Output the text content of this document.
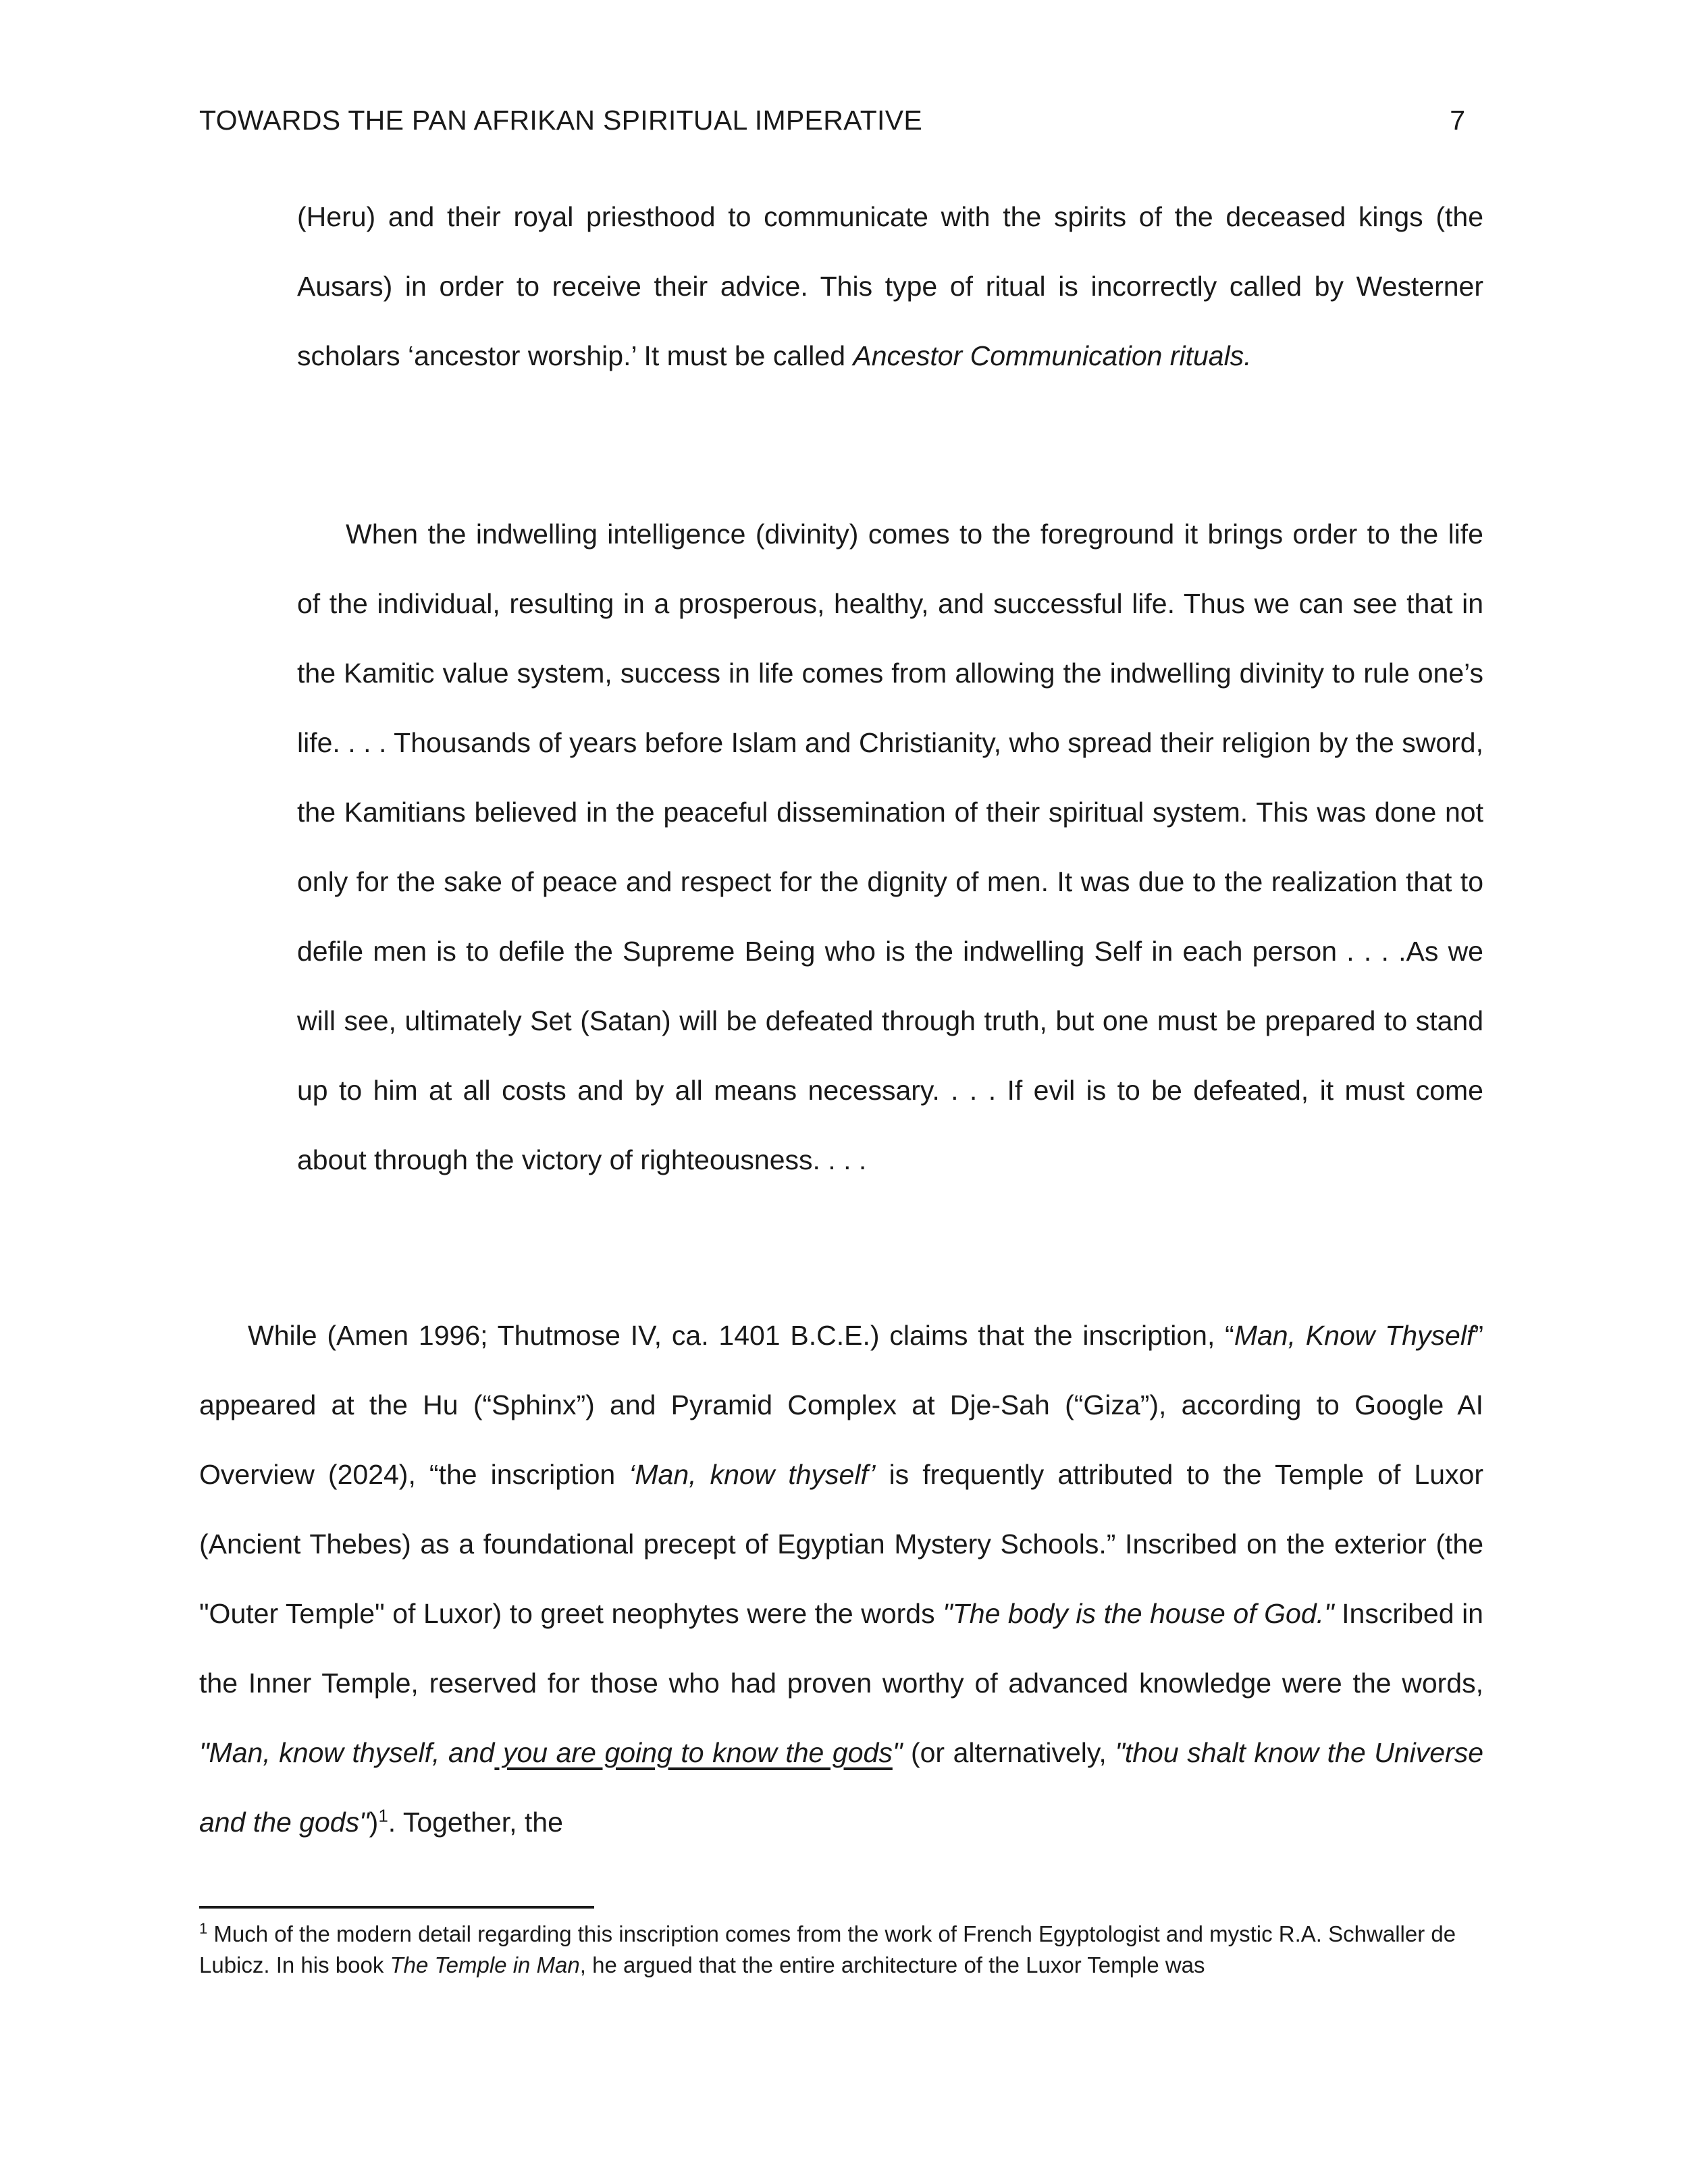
TOWARDS THE PAN AFRIKAN SPIRITUAL IMPERATIVE	7

(Heru) and their royal priesthood to communicate with the spirits of the deceased kings (the Ausars) in order to receive their advice. This type of ritual is incorrectly called by Westerner scholars ‘ancestor worship.’ It must be called Ancestor Communication rituals.

When the indwelling intelligence (divinity) comes to the foreground it brings order to the life of the individual, resulting in a prosperous, healthy, and successful life. Thus we can see that in the Kamitic value system, success in life comes from allowing the indwelling divinity to rule one’s life. . . . Thousands of years before Islam and Christianity, who spread their religion by the sword, the Kamitians believed in the peaceful dissemination of their spiritual system. This was done not only for the sake of peace and respect for the dignity of men. It was due to the realization that to defile men is to defile the Supreme Being who is the indwelling Self in each person . . . .As we will see, ultimately Set (Satan) will be defeated through truth, but one must be prepared to stand up to him at all costs and by all means necessary. . . . If evil is to be defeated, it must come about through the victory of righteousness. . . .

While (Amen 1996; Thutmose IV, ca. 1401 B.C.E.) claims that the inscription, “Man, Know Thyself” appeared at the Hu (“Sphinx”) and Pyramid Complex at Dje-Sah (“Giza”), according to Google AI Overview (2024), “the inscription ‘Man, know thyself’ is frequently attributed to the Temple of Luxor (Ancient Thebes) as a foundational precept of Egyptian Mystery Schools.” Inscribed on the exterior (the "Outer Temple" of Luxor) to greet neophytes were the words "The body is the house of God." Inscribed in the Inner Temple, reserved for those who had proven worthy of advanced knowledge were the words, "Man, know thyself, and you are going to know the gods" (or alternatively, "thou shalt know the Universe and the gods")$^1$. Together, the

$^1$ Much of the modern detail regarding this inscription comes from the work of French Egyptologist and mystic R.A. Schwaller de Lubicz. In his book The Temple in Man, he argued that the entire architecture of the Luxor Temple was
